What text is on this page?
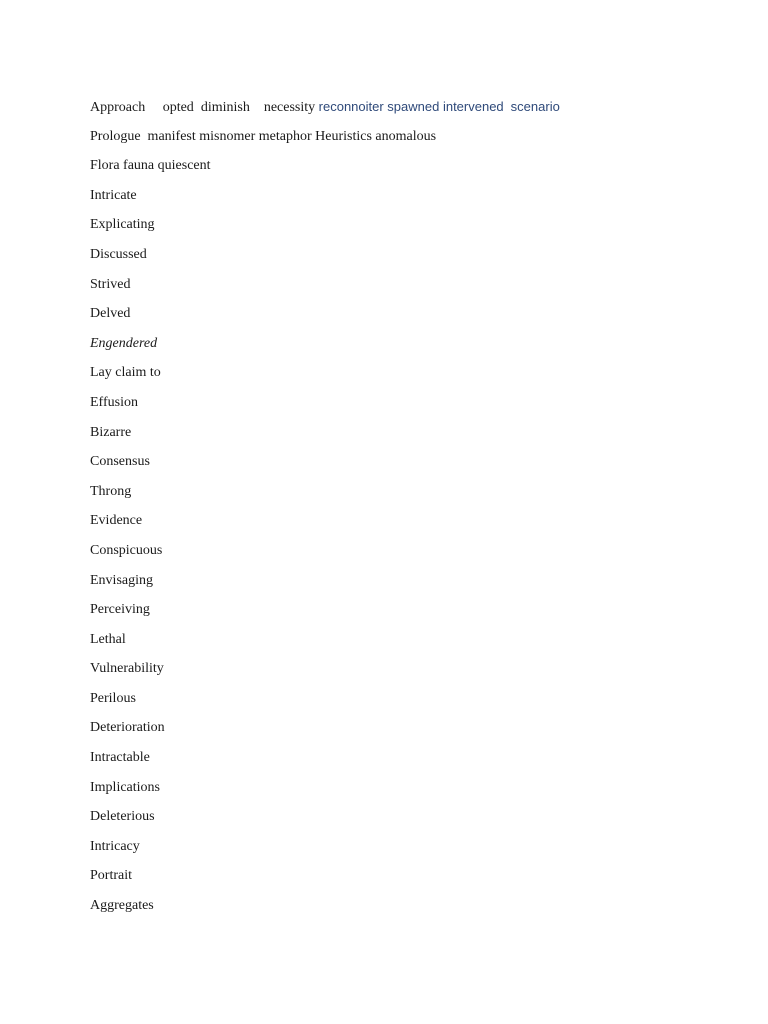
Approach opted diminish necessity reconnoiter spawned intervened scenario
Prologue  manifest misnomer metaphor Heuristics anomalous
Flora fauna quiescent
Intricate
Explicating
Discussed
Strived
Delved
Engendered
Lay claim to
Effusion
Bizarre
Consensus
Throng
Evidence
Conspicuous
Envisaging
Perceiving
Lethal
Vulnerability
Perilous
Deterioration
Intractable
Implications
Deleterious
Intricacy
Portrait
Aggregates
